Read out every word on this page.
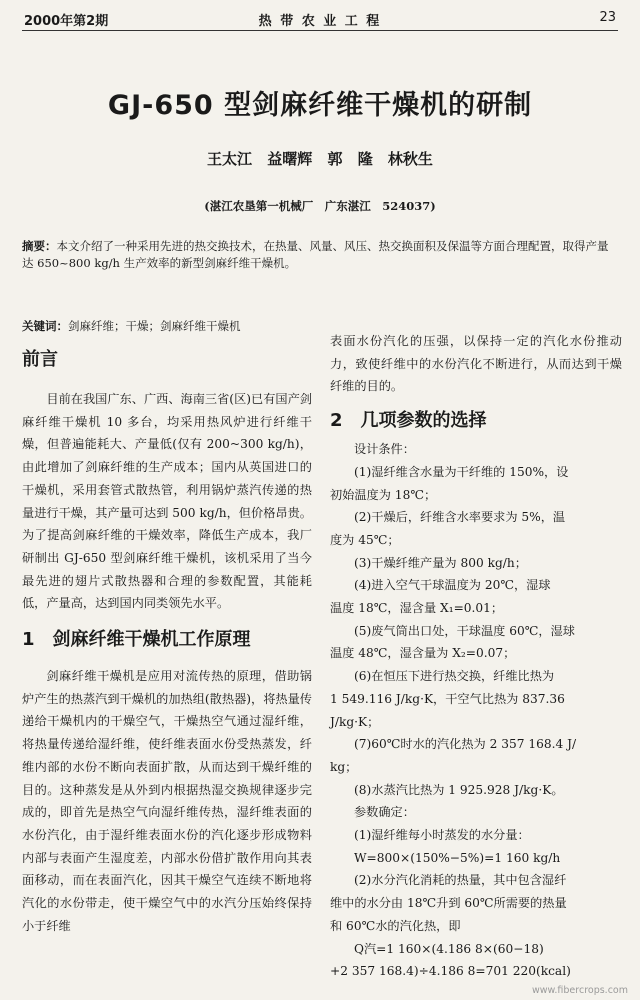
2000年第2期	热 带 农 业 工 程	23
GJ-650 型剑麻纤维干燥机的研制
王太江 益曙辉 郭 隆 林秋生
(湛江农垦第一机械厂　广东湛江　524037)
摘要：本文介绍了一种采用先进的热交换技术，在热量、风量、风压、热交换面积及保温等方面合理配置，取得产量达 650~800 kg/h 生产效率的新型剑麻纤维干燥机。
关键词：剑麻纤维；干燥；剑麻纤维干燥机
前言

目前在我国广东、广西、海南三省(区)已有国产剑麻纤维干燥机 10 多台，均采用热风炉进行纤维干燥，但普遍能耗大、产量低(仅有 200~300 kg/h)，由此增加了剑麻纤维的生产成本；国内从英国进口的干燥机，采用套管式散热管，利用锅炉蒸汽传递的热量进行干燥，其产量可达到 500 kg/h，但价格昂贵。为了提高剑麻纤维的干燥效率，降低生产成本，我厂研制出 GJ-650 型剑麻纤维干燥机，该机采用了当今最先进的翅片式散热器和合理的参数配置，其能耗低，产量高，达到国内同类领先水平。

1　剑麻纤维干燥机工作原理

剑麻纤维干燥机是应用对流传热的原理，借助锅炉产生的热蒸汽到干燥机的加热组(散热器)，将热量传递给干燥机内的干燥空气，干燥热空气通过湿纤维，将热量传递给湿纤维，使纤维表面水份受热蒸发，纤维内部的水份不断向表面扩散，从而达到干燥纤维的目的。这种蒸发是从外到内根据热湿交换规律逐步完成的，即首先是热空气向湿纤维传热，湿纤维表面的水份汽化，由于湿纤维表面水份的汽化逐步形成物料内部与表面产生湿度差，内部水份借扩散作用向其表面移动，而在表面汽化，因其干燥空气连续不断地将汽化的水份带走，使干燥空气中的水汽分压始终保持小于纤维

表面水份汽化的压强，以保持一定的汽化水份推动力，致使纤维中的水份汽化不断进行，从而达到干燥纤维的目的。

2　几项参数的选择
设计条件：
(1)湿纤维含水量为干纤维的 150%，设
初始温度为 18℃；
(2)干燥后，纤维含水率要求为 5%，温
度为 45℃；
(3)干燥纤维产量为 800 kg/h；
(4)进入空气干球温度为 20℃，湿球
温度 18℃，湿含量 X₁=0.01；
(5)废气筒出口处，干球温度 60℃，湿球
温度 48℃，湿含量为 X₂=0.07；
(6)在恒压下进行热交换，纤维比热为
1 549.116 J/kg·K，干空气比热为 837.36
J/kg·K；
(7)60℃时水的汽化热为 2 357 168.4 J/
kg；
(8)水蒸汽比热为 1 925.928 J/kg·K。
参数确定：
(1)湿纤维每小时蒸发的水分量：
W=800×(150%−5%)=1 160 kg/h
(2)水分汽化消耗的热量，其中包含湿纤
维中的水分由 18℃升到 60℃所需要的热量
和 60℃水的汽化热，即
Q汽=1 160×(4.186 8×(60−18)
+2 357 168.4)÷4.186 8=701 220(kcal)
www.fibercrops.com
